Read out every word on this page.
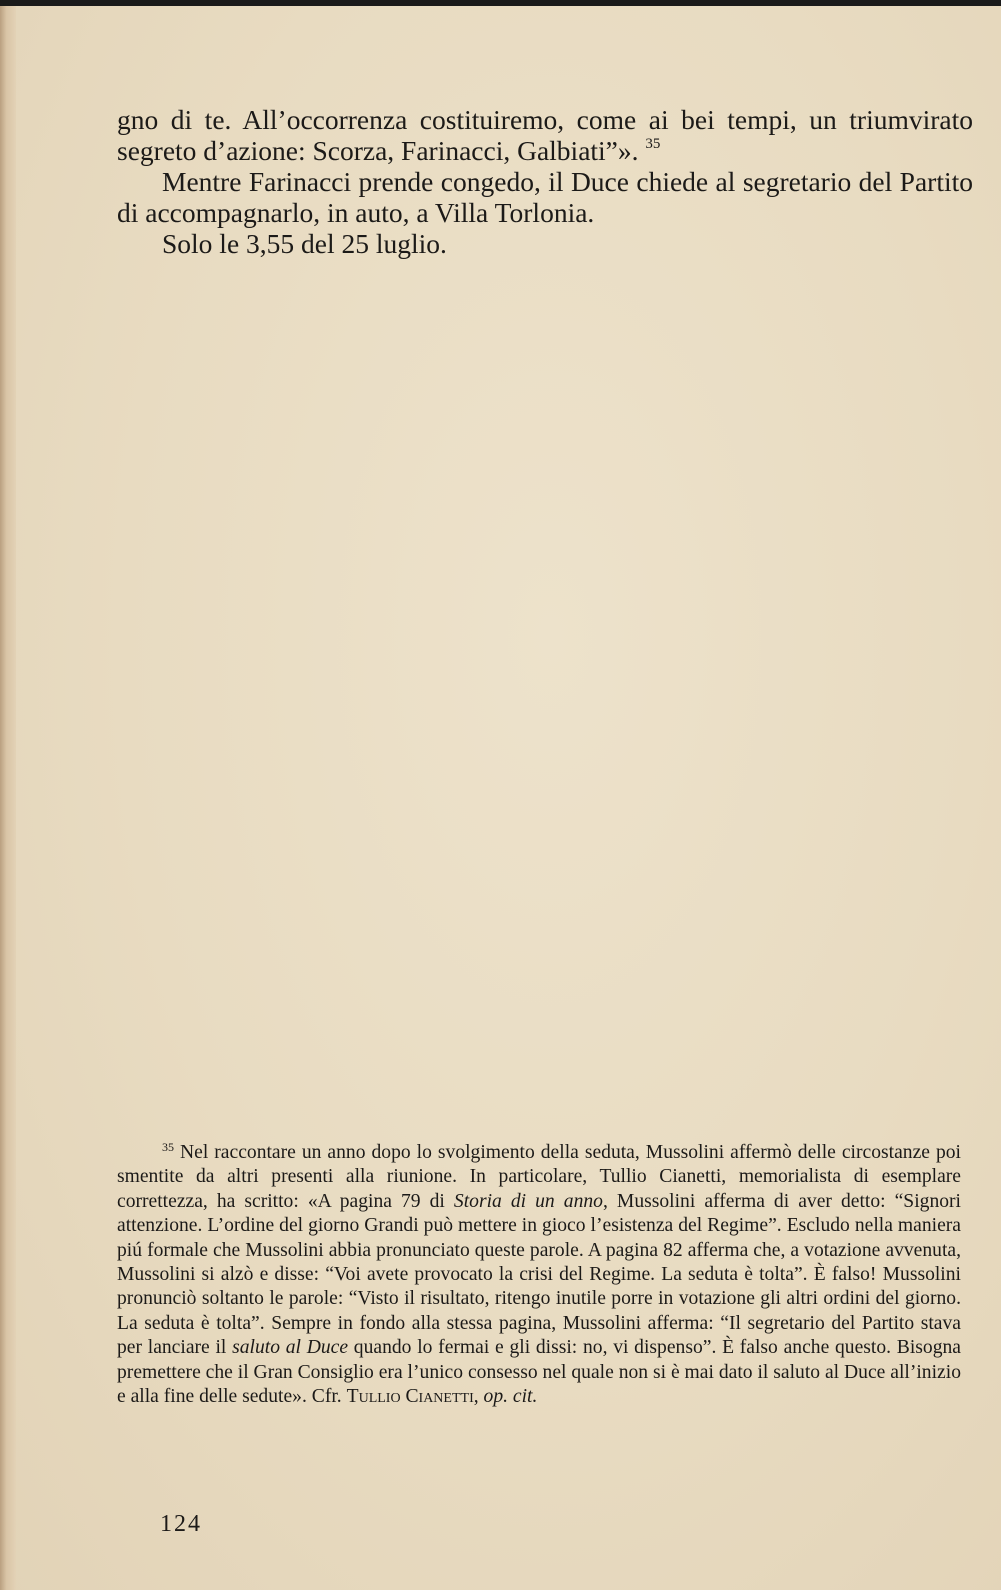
gno di te. All’occorrenza costituiremo, come ai bei tempi, un triumvirato segreto d’azione: Scorza, Farinacci, Galbiati”». $^{35}$

Mentre Farinacci prende congedo, il Duce chiede al segretario del Partito di accompagnarlo, in auto, a Villa Torlonia.

Solo le 3,55 del 25 luglio.

$^{35}$ Nel raccontare un anno dopo lo svolgimento della seduta, Mussolini affermò delle circostanze poi smentite da altri presenti alla riunione. In particolare, Tullio Cianetti, memorialista di esemplare correttezza, ha scritto: «A pagina 79 di Storia di un anno, Mussolini afferma di aver detto: “Signori attenzione. L’ordine del giorno Grandi può mettere in gioco l’esistenza del Regime”. Escludo nella maniera piú formale che Mussolini abbia pronunciato queste parole. A pagina 82 afferma che, a votazione avvenuta, Mussolini si alzò e disse: “Voi avete provocato la crisi del Regime. La seduta è tolta”. È falso! Mussolini pronunciò soltanto le parole: “Visto il risultato, ritengo inutile porre in votazione gli altri ordini del giorno. La seduta è tolta”. Sempre in fondo alla stessa pagina, Mussolini afferma: “Il segretario del Partito stava per lanciare il saluto al Duce quando lo fermai e gli dissi: no, vi dispenso”. È falso anche questo. Bisogna premettere che il Gran Consiglio era l’unico consesso nel quale non si è mai dato il saluto al Duce all’inizio e alla fine delle sedute». Cfr. Tullio Cianetti, op. cit.
124
